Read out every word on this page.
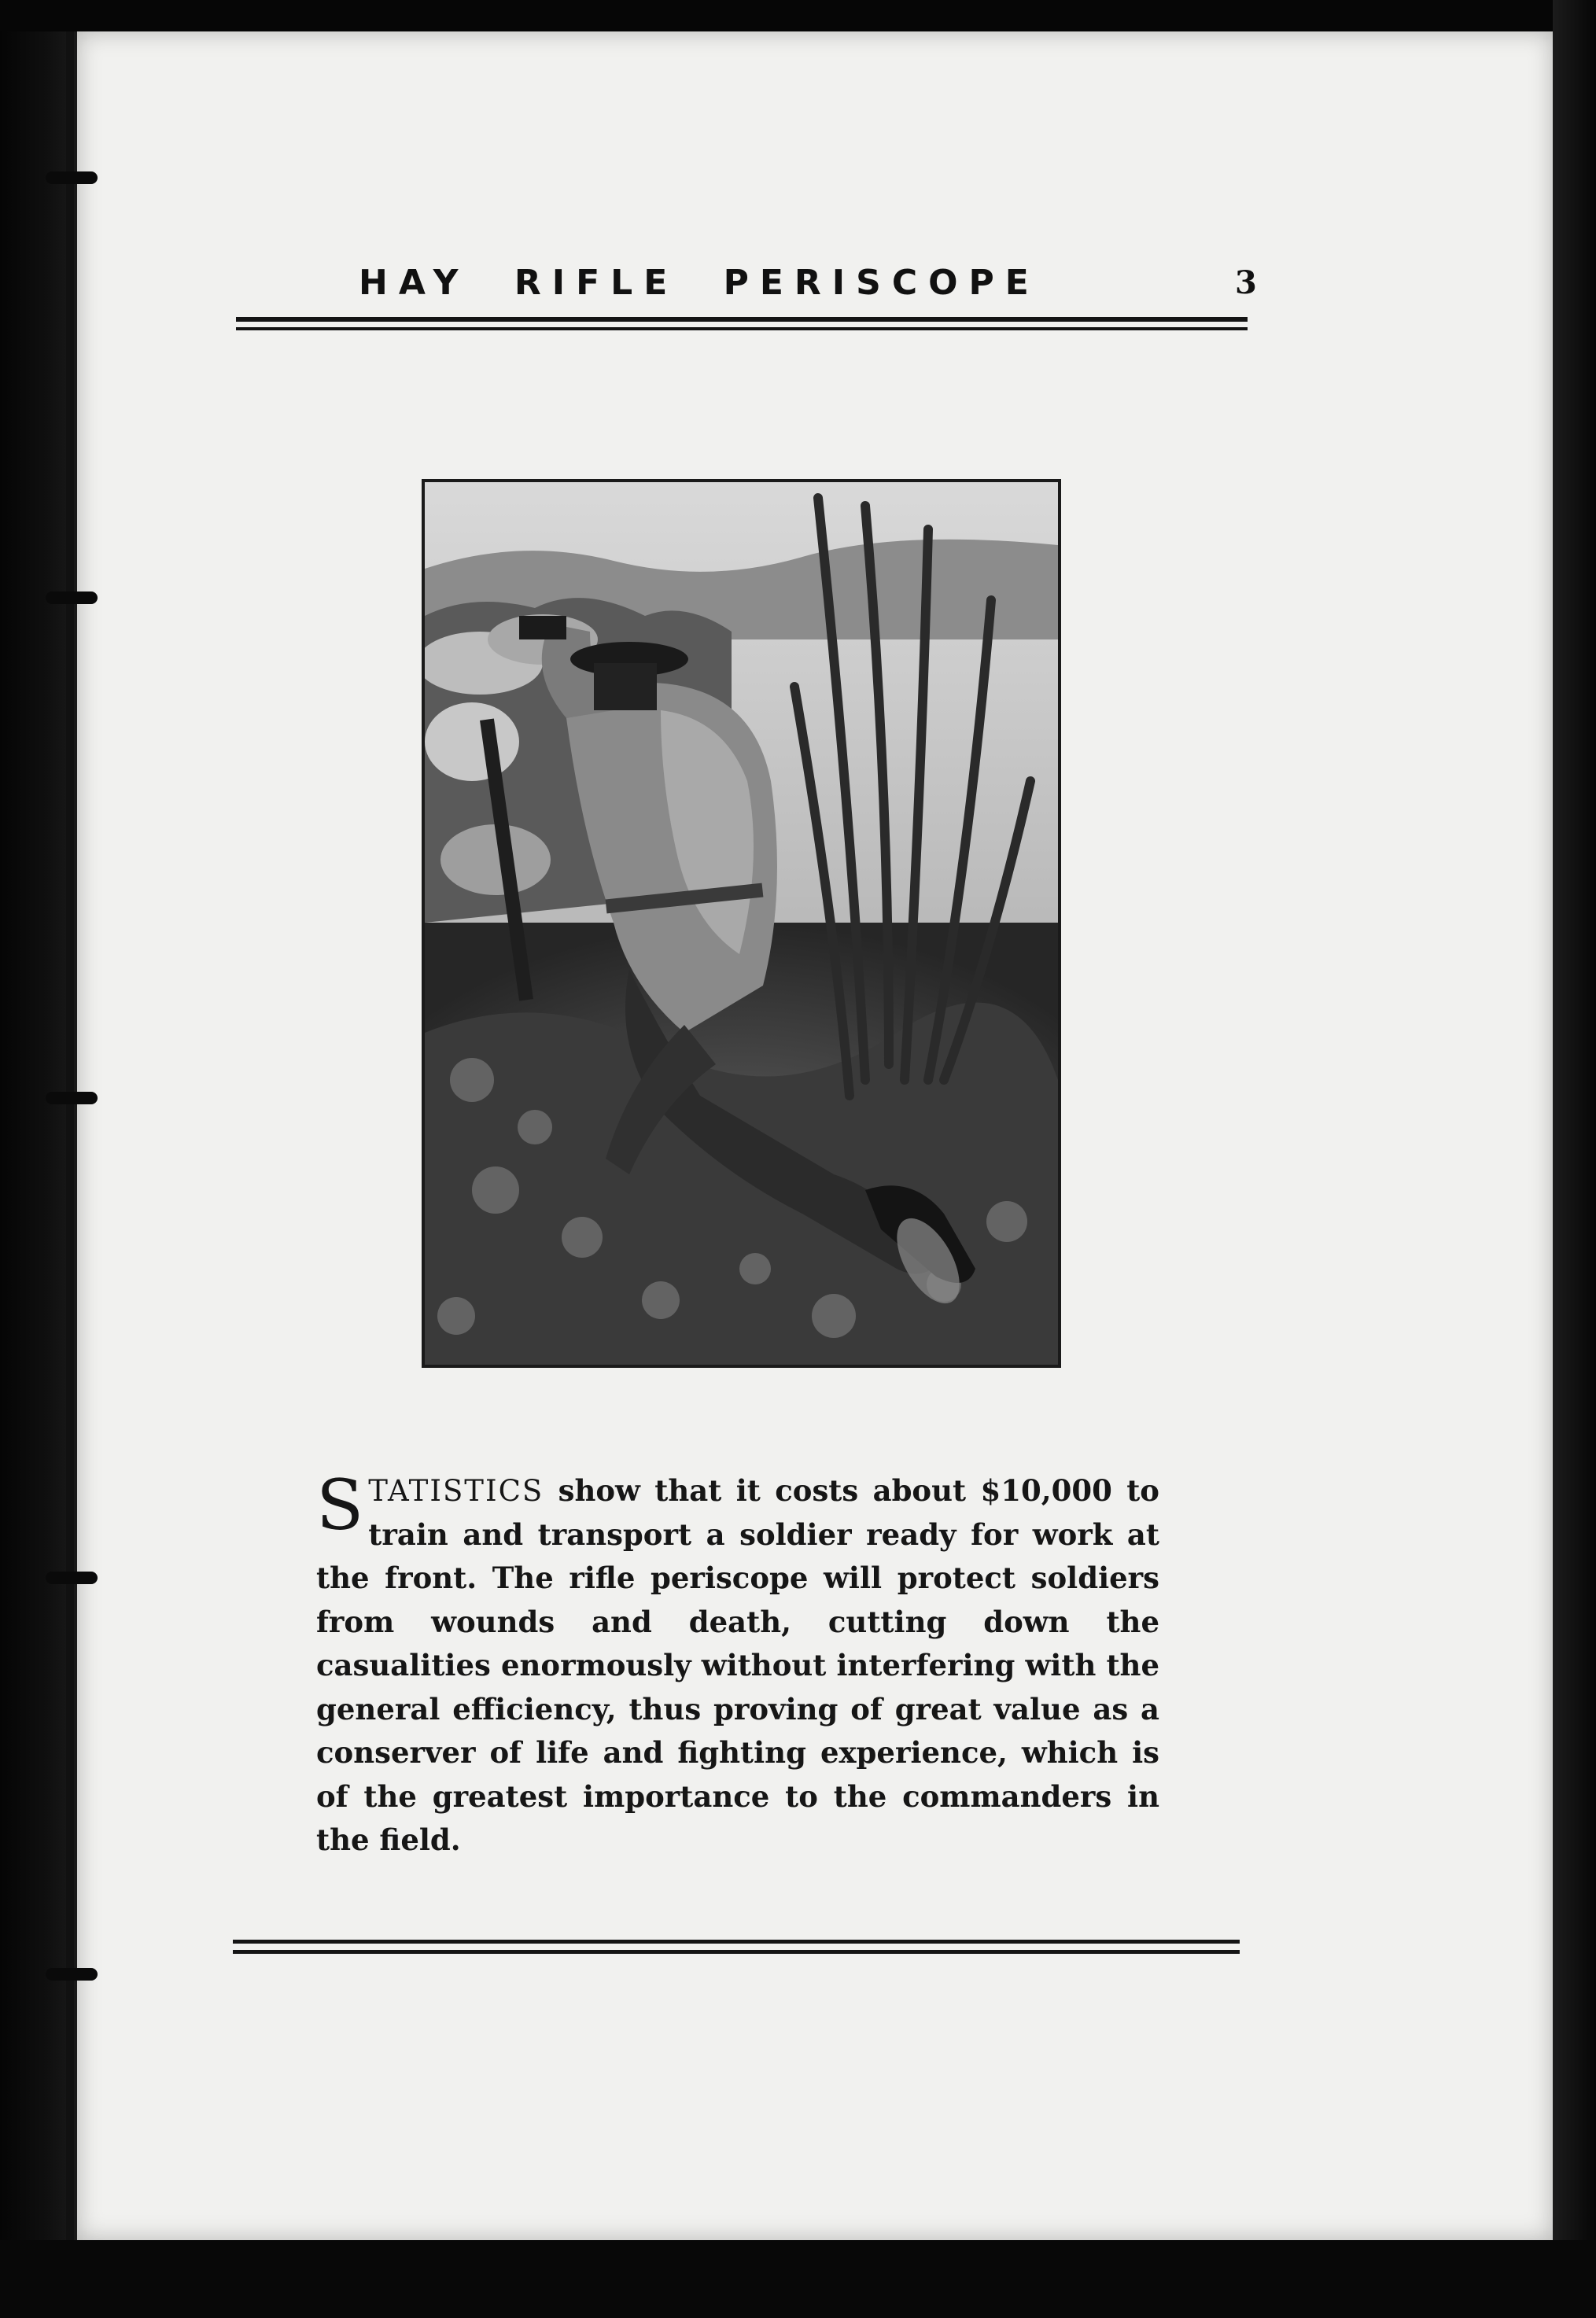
HAY RIFLE PERISCOPE	3
STATISTICS show that it costs about $10,000 to train and transport a soldier ready for work at the front. The rifle periscope will protect soldiers from wounds and death, cutting down the casualities enormously without interfering with the general efficiency, thus proving of great value as a conserver of life and fighting experience, which is of the greatest importance to the commanders in the field.
